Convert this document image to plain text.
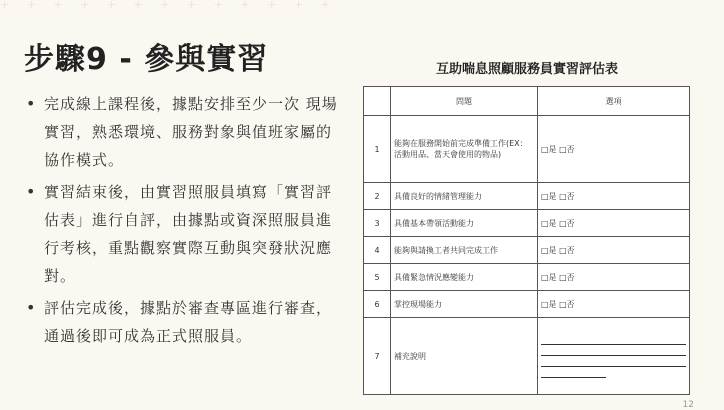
+ + + + + + + + + + + + +
步驟9 - 參與實習
• 完成線上課程後，據點安排至少一次 現場實習，熟悉環境、服務對象與值班家屬的協作模式。
• 實習結束後，由實習照服員填寫「實習評估表」進行自評，由據點或資深照服員進行考核，重點觀察實際互動與突發狀況應對。
• 評估完成後，據點於審查專區進行審查，通過後即可成為正式照服員。
互助喘息照顧服務員實習評估表
	問題	選項
1	能夠在服務開始前完成準備工作(EX：活動用品、當天會使用的物品)	□是 □否
2	具備良好的情緒管理能力	□是 □否
3	具備基本帶領活動能力	□是 □否
4	能夠與請換工者共同完成工作	□是 □否
5	具備緊急情況應變能力	□是 □否
6	掌控現場能力	□是 □否
7	補充說明	
12
